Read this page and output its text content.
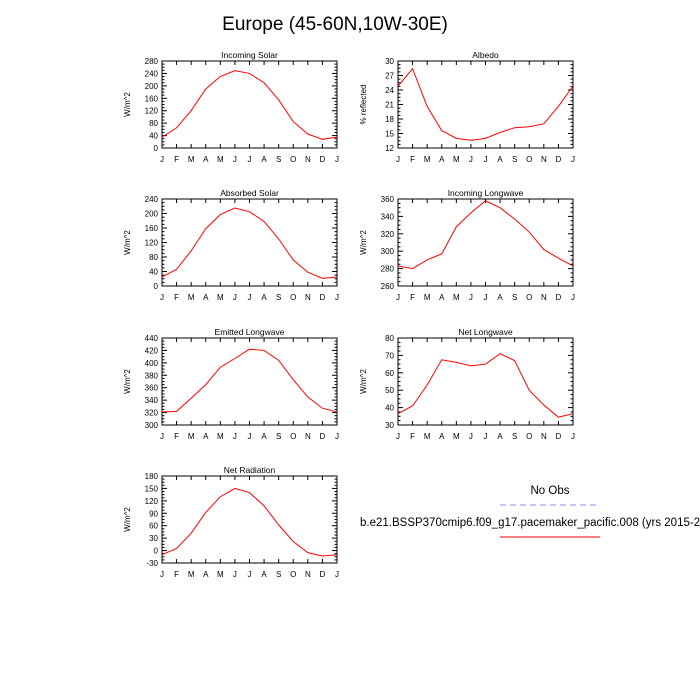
Europe (45-60N,10W-30E)
Incoming Solar
J F M A M J J A S O N D J
0
40
80
120
160
200
240
280
W/m^2
Albedo
J F M A M J J A S O N D J
12
15
18
21
24
27
30
% reflected
Absorbed Solar
J F M A M J J A S O N D J
0
40
80
120
160
200
240
W/m^2
Incoming Longwave
J F M A M J J A S O N D J
260
280
300
320
340
360
W/m^2
Emitted Longwave
J F M A M J J A S O N D J
300
320
340
360
380
400
420
440
W/m^2
Net Longwave
J F M A M J J A S O N D J
30
40
50
60
70
80
W/m^2
Net Radiation
J F M A M J J A S O N D J
-30
0
30
60
90
120
150
180
W/m^2
No Obs
b.e21.BSSP370cmip6.f09_g17.pacemaker_pacific.008 (yrs 2015-2
